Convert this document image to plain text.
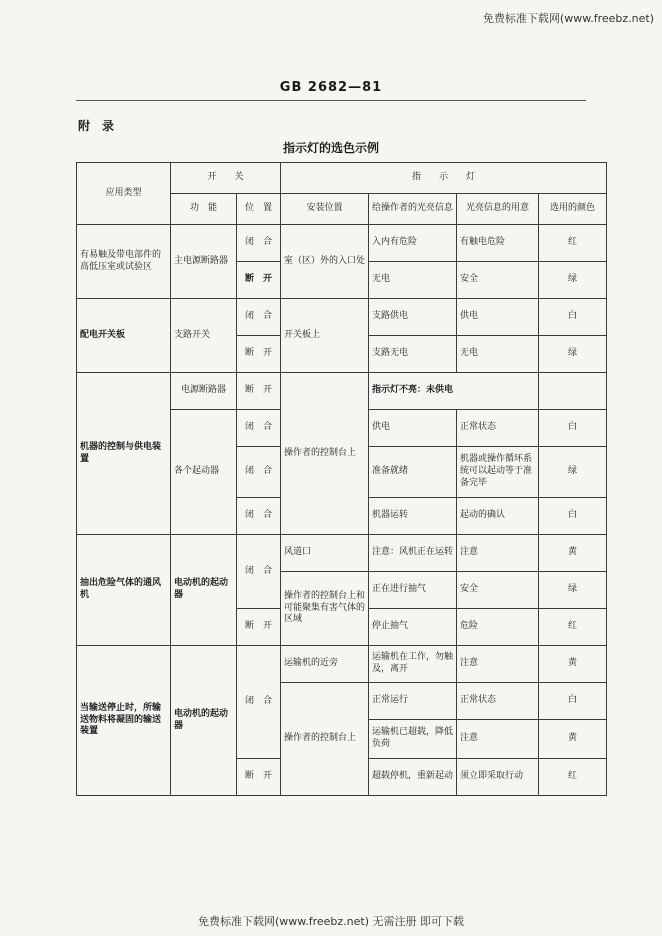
免费标准下载网(www.freebz.net)
GB 2682—81
附　录
指示灯的选色示例
应用类型	开　　关		指　　示　　灯			
	功　能	位　置	安装位置	给操作者的光亮信息	光亮信息的用意	选用的颜色
有易触及带电部件的高低压室或试验区	主电源断路器	闭　合	室（区）外的入口处	入内有危险	有触电危险	红
		断　开		无电	安全	绿
配电开关板	支路开关	闭　合	开关板上	支路供电	供电	白
		断　开		支路无电	无电	绿
机器的控制与供电装置	电源断路器	断　开	操作者的控制台上	指示灯不亮：未供电		
	各个起动器	闭　合		供电	正常状态	白
		闭　合		准备就绪	机器或操作循环系统可以起动等于准备完毕	绿
		闭　合		机器运转	起动的确认	白
抽出危险气体的通风机	电动机的起动器	闭　合	风道口	注意：风机正在运转	注意	黄
			操作者的控制台上和可能聚集有害气体的区域	正在进行抽气	安全	绿
		断　开		停止抽气	危险	红
当输送停止时，所输送物料将凝固的输送装置	电动机的起动器	闭　合	运输机的近旁	运输机在工作，勿触及，离开	注意	黄
			操作者的控制台上	正常运行	正常状态	白
				运输机已超载，降低负荷	注意	黄
		断　开		超载停机，重新起动	须立即采取行动	红
免费标准下载网(www.freebz.net) 无需注册 即可下载
